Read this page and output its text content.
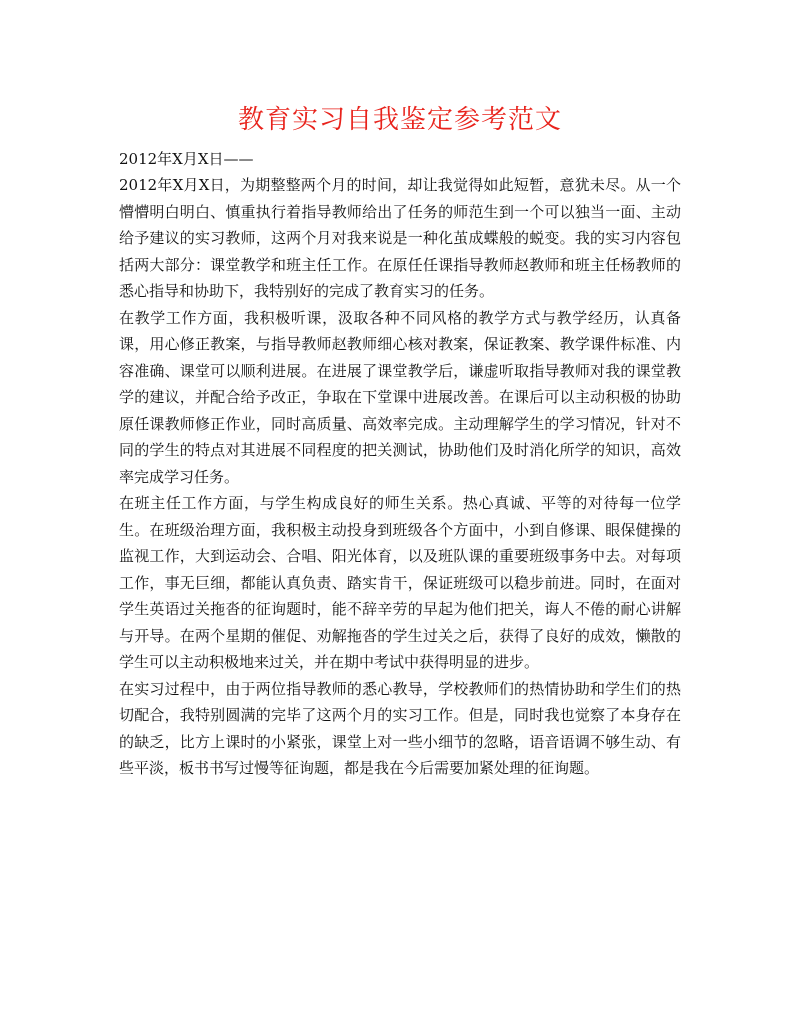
教育实习自我鉴定参考范文

2012年X月X日——

2012年X月X日，为期整整两个月的时间，却让我觉得如此短暂，意犹未尽。从一个懵懵明白明白、慎重执行着指导教师给出了任务的师范生到一个可以独当一面、主动给予建议的实习教师，这两个月对我来说是一种化茧成蝶般的蜕变。我的实习内容包括两大部分：课堂教学和班主任工作。在原任任课指导教师赵教师和班主任杨教师的悉心指导和协助下，我特别好的完成了教育实习的任务。

在教学工作方面，我积极听课，汲取各种不同风格的教学方式与教学经历，认真备课，用心修正教案，与指导教师赵教师细心核对教案，保证教案、教学课件标准、内容准确、课堂可以顺利进展。在进展了课堂教学后，谦虚听取指导教师对我的课堂教学的建议，并配合给予改正，争取在下堂课中进展改善。在课后可以主动积极的协助原任课教师修正作业，同时高质量、高效率完成。主动理解学生的学习情况，针对不同的学生的特点对其进展不同程度的把关测试，协助他们及时消化所学的知识，高效率完成学习任务。

在班主任工作方面，与学生构成良好的师生关系。热心真诚、平等的对待每一位学生。在班级治理方面，我积极主动投身到班级各个方面中，小到自修课、眼保健操的监视工作，大到运动会、合唱、阳光体育，以及班队课的重要班级事务中去。对每项工作，事无巨细，都能认真负责、踏实肯干，保证班级可以稳步前进。同时，在面对学生英语过关拖沓的征询题时，能不辞辛劳的早起为他们把关，诲人不倦的耐心讲解与开导。在两个星期的催促、劝解拖沓的学生过关之后，获得了良好的成效，懒散的学生可以主动积极地来过关，并在期中考试中获得明显的进步。

在实习过程中，由于两位指导教师的悉心教导，学校教师们的热情协助和学生们的热切配合，我特别圆满的完毕了这两个月的实习工作。但是，同时我也觉察了本身存在的缺乏，比方上课时的小紧张，课堂上对一些小细节的忽略，语音语调不够生动、有些平淡，板书书写过慢等征询题，都是我在今后需要加紧处理的征询题。
